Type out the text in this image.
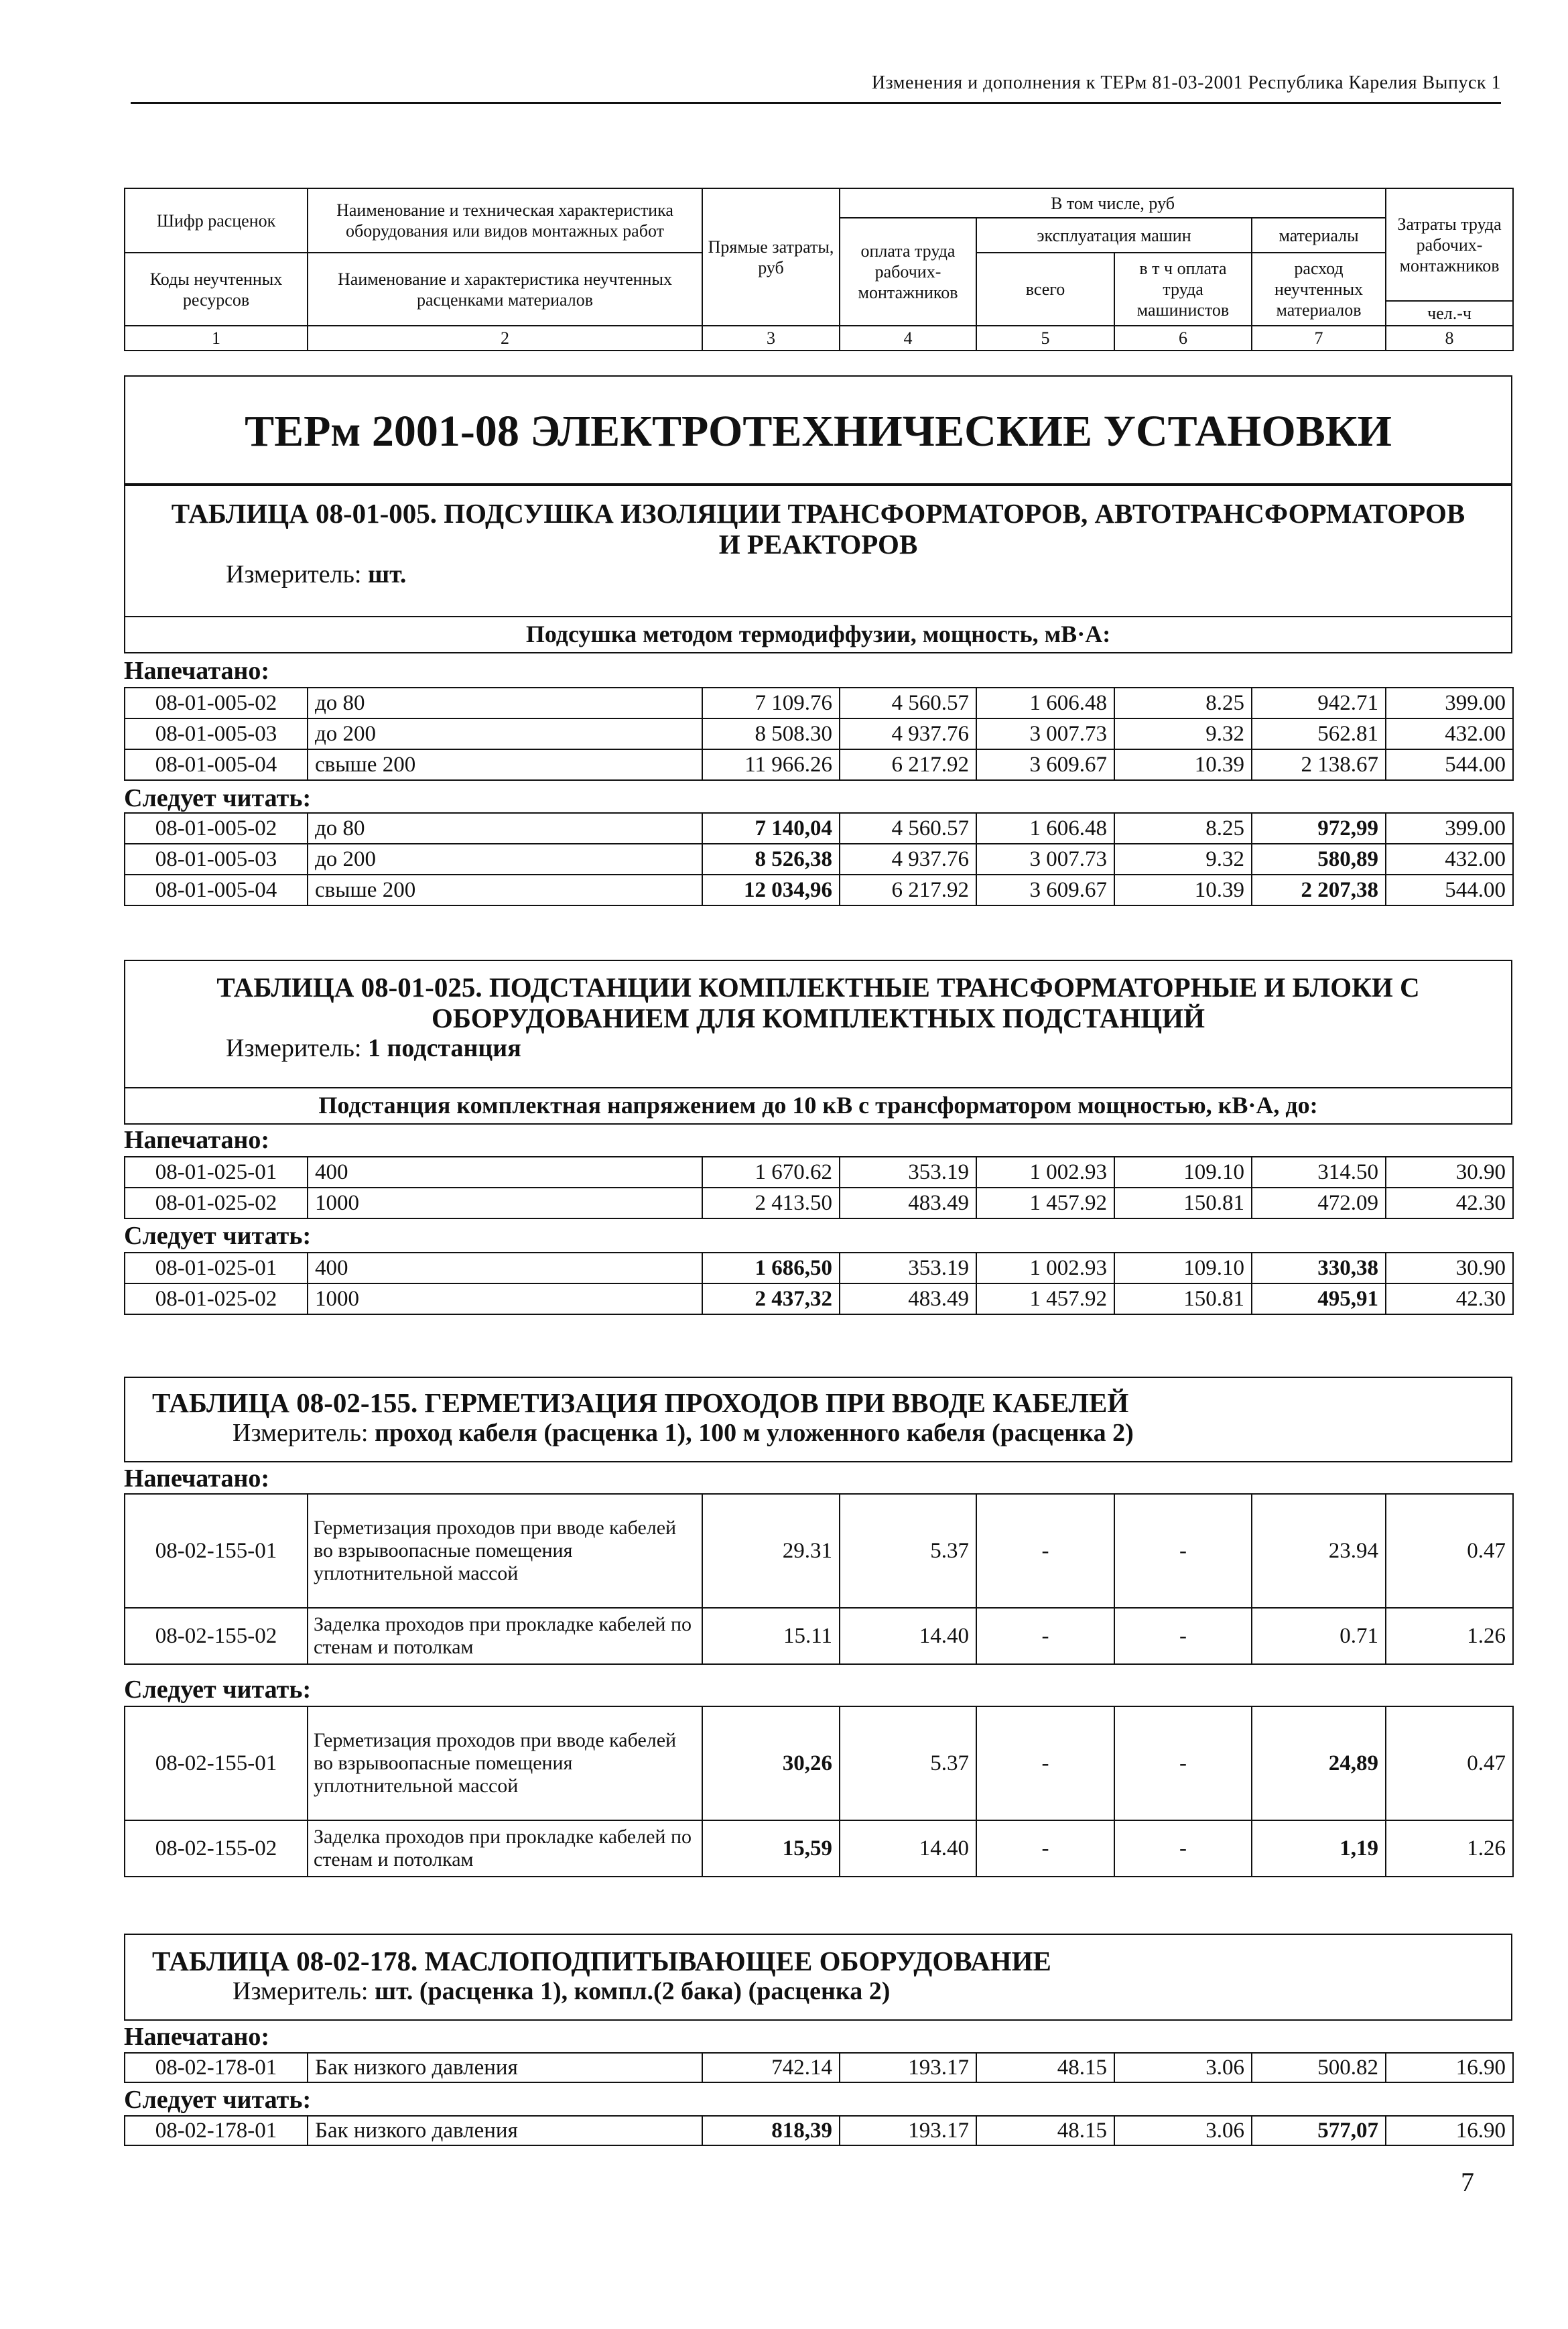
Изменения и дополнения к ТЕРм 81-03-2001 Республика Карелия Выпуск 1
Шифр расценок	Наименование и техническая характеристика оборудования или видов монтажных работ	Прямые затраты, руб	В том числе, руб				Затраты труда рабочих-монтажников
			оплата труда рабочих-монтажников	эксплуатация машин		материалы	

Коды неучтенных ресурсов	Наименование и характеристика неучтенных расценками материалов			всего	в т ч оплата труда машинистов	расход неучтенных материалов	

							чел.-ч
1	2	3	4	5	6	7	8
ТЕРм 2001-08 ЭЛЕКТРОТЕХНИЧЕСКИЕ УСТАНОВКИ
ТАБЛИЦА 08-01-005. ПОДСУШКА ИЗОЛЯЦИИ ТРАНСФОРМАТОРОВ, АВТОТРАНСФОРМАТОРОВ
И РЕАКТОРОВ
Измеритель: шт.
Подсушка методом термодиффузии, мощность, мВ·А:
Напечатано:
08-01-005-02	до 80	7 109.76	4 560.57	1 606.48	8.25	942.71	399.00
08-01-005-03	до 200	8 508.30	4 937.76	3 007.73	9.32	562.81	432.00
08-01-005-04	свыше 200	11 966.26	6 217.92	3 609.67	10.39	2 138.67	544.00
Следует читать:
08-01-005-02	до 80	7 140,04	4 560.57	1 606.48	8.25	972,99	399.00
08-01-005-03	до 200	8 526,38	4 937.76	3 007.73	9.32	580,89	432.00
08-01-005-04	свыше 200	12 034,96	6 217.92	3 609.67	10.39	2 207,38	544.00
ТАБЛИЦА 08-01-025. ПОДСТАНЦИИ КОМПЛЕКТНЫЕ ТРАНСФОРМАТОРНЫЕ И БЛОКИ С
ОБОРУДОВАНИЕМ ДЛЯ КОМПЛЕКТНЫХ ПОДСТАНЦИЙ
Измеритель: 1 подстанция
Подстанция комплектная напряжением до 10 кВ с трансформатором мощностью, кВ·А, до:
Напечатано:
08-01-025-01	400	1 670.62	353.19	1 002.93	109.10	314.50	30.90
08-01-025-02	1000	2 413.50	483.49	1 457.92	150.81	472.09	42.30
Следует читать:
08-01-025-01	400	1 686,50	353.19	1 002.93	109.10	330,38	30.90
08-01-025-02	1000	2 437,32	483.49	1 457.92	150.81	495,91	42.30
ТАБЛИЦА 08-02-155. ГЕРМЕТИЗАЦИЯ ПРОХОДОВ ПРИ ВВОДЕ КАБЕЛЕЙ
Измеритель: проход кабеля (расценка 1), 100 м уложенного кабеля (расценка 2)
Напечатано:
08-02-155-01	Герметизация проходов при вводе кабелей во взрывоопасные помещения уплотнительной массой	29.31	5.37	-	-	23.94	0.47
08-02-155-02	Заделка проходов при прокладке кабелей по стенам и потолкам	15.11	14.40	-	-	0.71	1.26
Следует читать:
08-02-155-01	Герметизация проходов при вводе кабелей во взрывоопасные помещения уплотнительной массой	30,26	5.37	-	-	24,89	0.47
08-02-155-02	Заделка проходов при прокладке кабелей по стенам и потолкам	15,59	14.40	-	-	1,19	1.26
ТАБЛИЦА 08-02-178. МАСЛОПОДПИТЫВАЮЩЕЕ ОБОРУДОВАНИЕ
Измеритель: шт. (расценка 1), компл.(2 бака) (расценка 2)
Напечатано:
08-02-178-01	Бак низкого давления	742.14	193.17	48.15	3.06	500.82	16.90
Следует читать:
08-02-178-01	Бак низкого давления	818,39	193.17	48.15	3.06	577,07	16.90
7
